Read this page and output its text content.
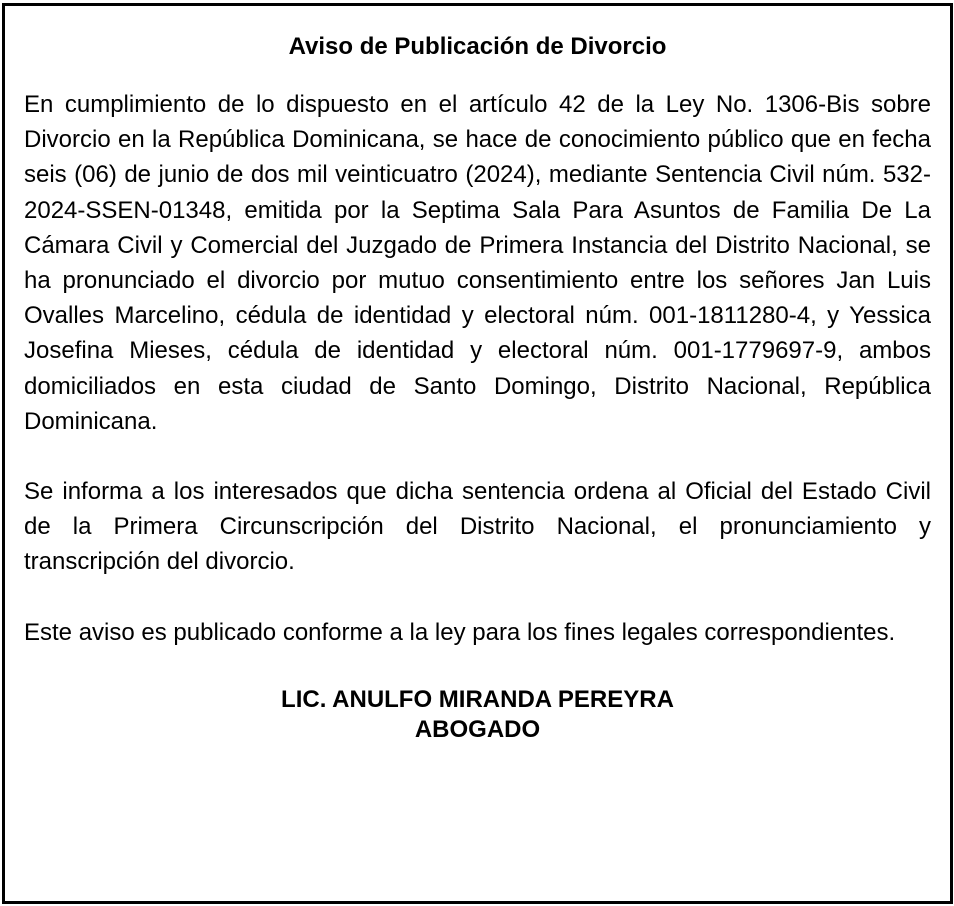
Aviso de Publicación de Divorcio

En cumplimiento de lo dispuesto en el artículo 42 de la Ley No. 1306-Bis sobre Divorcio en la República Dominicana, se hace de conocimiento público que en fecha seis (06) de junio de dos mil veinticuatro (2024), mediante Sentencia Civil núm. 532-2024-SSEN-01348, emitida por la Septima Sala Para Asuntos de Familia De La Cámara Civil y Comercial del Juzgado de Primera Instancia del Distrito Nacional, se ha pronunciado el divorcio por mutuo consentimiento entre los señores Jan Luis Ovalles Marcelino, cédula de identidad y electoral núm. 001-1811280-4, y Yessica Josefina Mieses, cédula de identidad y electoral núm. 001-1779697-9, ambos domiciliados en esta ciudad de Santo Domingo, Distrito Nacional, República Dominicana.

Se informa a los interesados que dicha sentencia ordena al Oficial del Estado Civil de la Primera Circunscripción del Distrito Nacional, el pronunciamiento y transcripción del divorcio.

Este aviso es publicado conforme a la ley para los fines legales correspondientes.

LIC. ANULFO MIRANDA PEREYRA
ABOGADO
